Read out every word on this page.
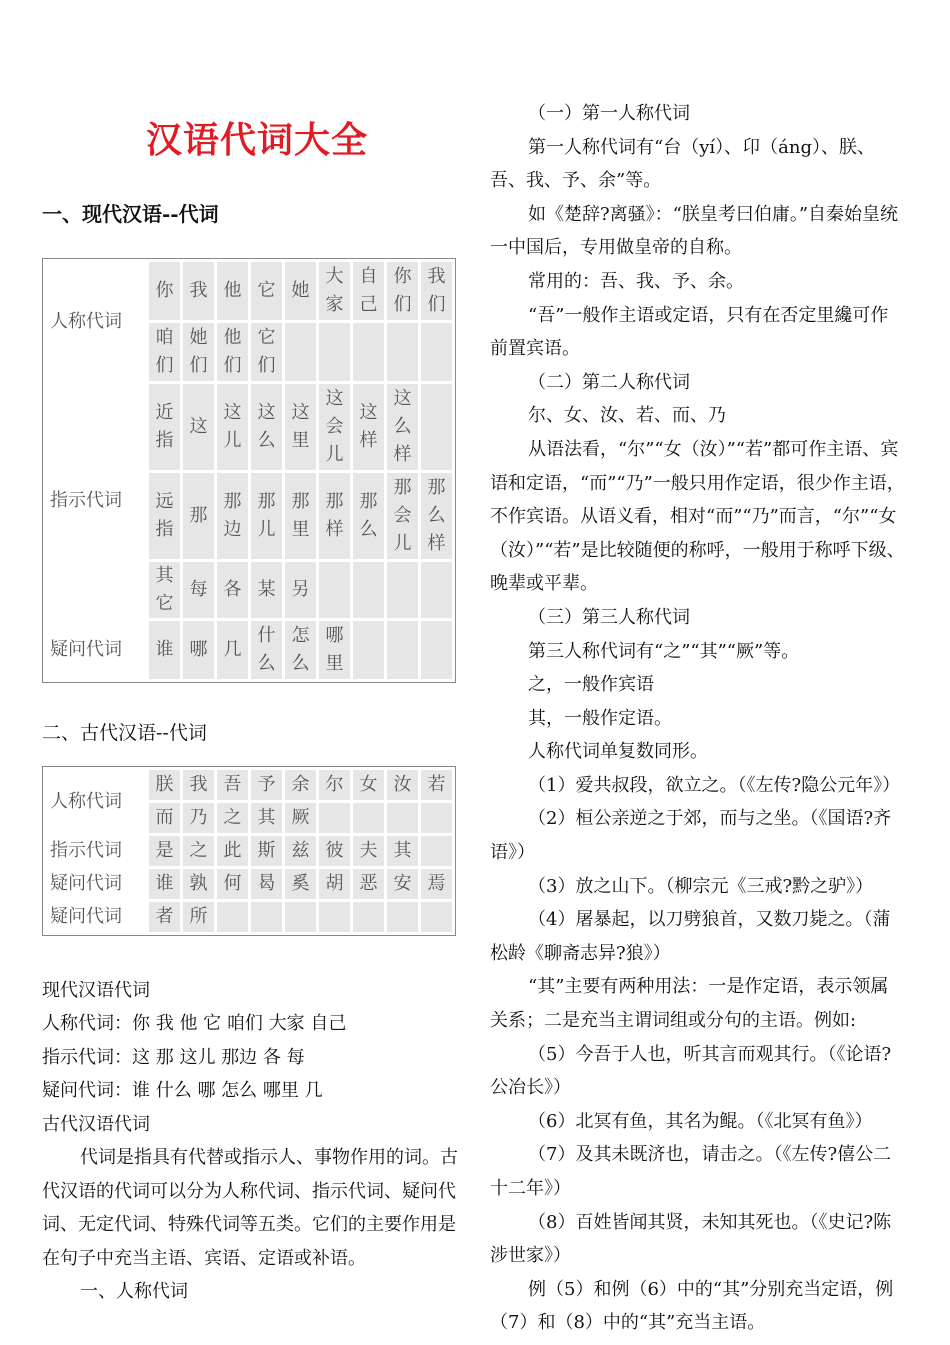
汉语代词大全
一、现代汉语--代词
人称代词	你	我	他	它	她	大家	自己	你们	我们
	咱们	她们	他们	它们					
指示代词	近指	这	这儿	这么	这里	这会儿	这样	这么样	
	远指	那	那边	那儿	那里	那样	那么	那会儿	那么样
	其它	每	各	某	另				
疑问代词	谁	哪	几	什么	怎么	哪里			
二、古代汉语--代词
人称代词	朕	我	吾	予	余	尔	女	汝	若
	而	乃	之	其	厥				
指示代词	是	之	此	斯	兹	彼	夫	其	
疑问代词	谁	孰	何	曷	奚	胡	恶	安	焉
疑问代词	者	所							
现代汉语代词
人称代词：你 我 他 它 咱们 大家 自己
指示代词：这 那 这儿 那边 各 每
疑问代词：谁 什么 哪 怎么 哪里 几
古代汉语代词

代词是指具有代替或指示人、事物作用的词。古代汉语的代词可以分为人称代词、指示代词、疑问代词、无定代词、特殊代词等五类。它们的主要作用是在句子中充当主语、宾语、定语或补语。

一、人称代词

（一）第一人称代词

第一人称代词有“台（yí）、卬（áng）、朕、吾、我、予、余”等。

如《楚辞?离骚》：“朕皇考曰伯庸。”自秦始皇统一中国后，专用做皇帝的自称。

常用的：吾、我、予、余。

“吾”一般作主语或定语，只有在否定里纔可作前置宾语。

（二）第二人称代词

尔、女、汝、若、而、乃

从语法看，“尔”“女（汝）”“若”都可作主语、宾语和定语，“而”“乃”一般只用作定语，很少作主语，不作宾语。从语义看，相对“而”“乃”而言，“尔”“女（汝）”“若”是比较随便的称呼，一般用于称呼下级、晚辈或平辈。

（三）第三人称代词

第三人称代词有“之”“其”“厥”等。

之，一般作宾语

其，一般作定语。

人称代词单复数同形。

（1）爱共叔段，欲立之。（《左传?隐公元年》）

（2）桓公亲逆之于郊，而与之坐。（《国语?齐语》）

（3）放之山下。（柳宗元《三戒?黔之驴》）

（4）屠暴起，以刀劈狼首，又数刀毙之。（蒲松龄《聊斋志异?狼》）

“其”主要有两种用法：一是作定语，表示领属关系；二是充当主谓词组或分句的主语。例如:

（5）今吾于人也，听其言而观其行。（《论语?公冶长》）

（6）北冥有鱼，其名为鲲。（《北冥有鱼》）

（7）及其未既济也，请击之。（《左传?僖公二十二年》）

（8）百姓皆闻其贤，未知其死也。（《史记?陈涉世家》）

例（5）和例（6）中的“其”分别充当定语，例（7）和（8）中的“其”充当主语。
